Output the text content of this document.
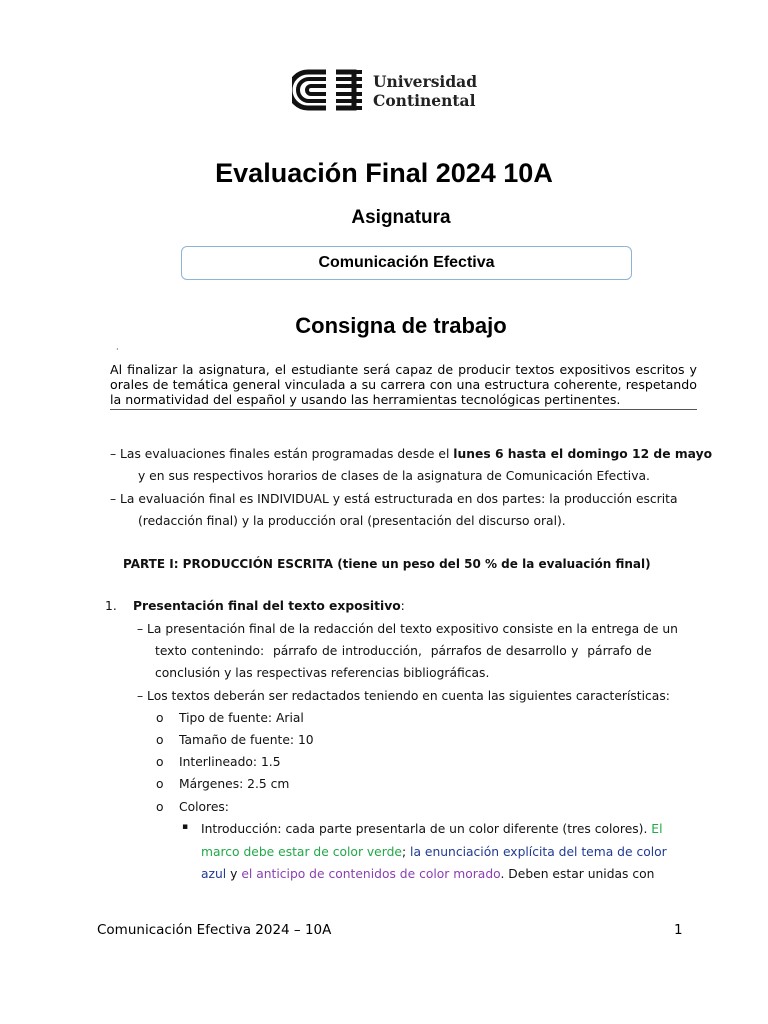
Universidad
Continental
Evaluación Final 2024 10A
Asignatura
Comunicación Efectiva
Consigna de trabajo
·
Al finalizar la asignatura, el estudiante será capaz de producir textos expositivos escritos y orales de temática general vinculada a su carrera con una estructura coherente, respetando la normatividad del español y usando las herramientas tecnológicas pertinentes.
– Las evaluaciones finales están programadas desde el lunes 6 hasta el domingo 12 de mayo
y en sus respectivos horarios de clases de la asignatura de Comunicación Efectiva.
– La evaluación final es INDIVIDUAL y está estructurada en dos partes: la producción escrita
(redacción final) y la producción oral (presentación del discurso oral).
PARTE I: PRODUCCIÓN ESCRITA (tiene un peso del 50 % de la evaluación final)
1. Presentación final del texto expositivo:
– La presentación final de la redacción del texto expositivo consiste en la entrega de un
texto contenindo:  párrafo de introducción,  párrafos de desarrollo y  párrafo de
conclusión y las respectivas referencias bibliográficas.
– Los textos deberán ser redactados teniendo en cuenta las siguientes características:
o Tipo de fuente: Arial
o Tamaño de fuente: 10
o Interlineado: 1.5
o Márgenes: 2.5 cm
o Colores:
▪ Introducción: cada parte presentarla de un color diferente (tres colores). El
marco debe estar de color verde; la enunciación explícita del tema de color
azul y el anticipo de contenidos de color morado. Deben estar unidas con
Comunicación Efectiva 2024 – 10A	1
